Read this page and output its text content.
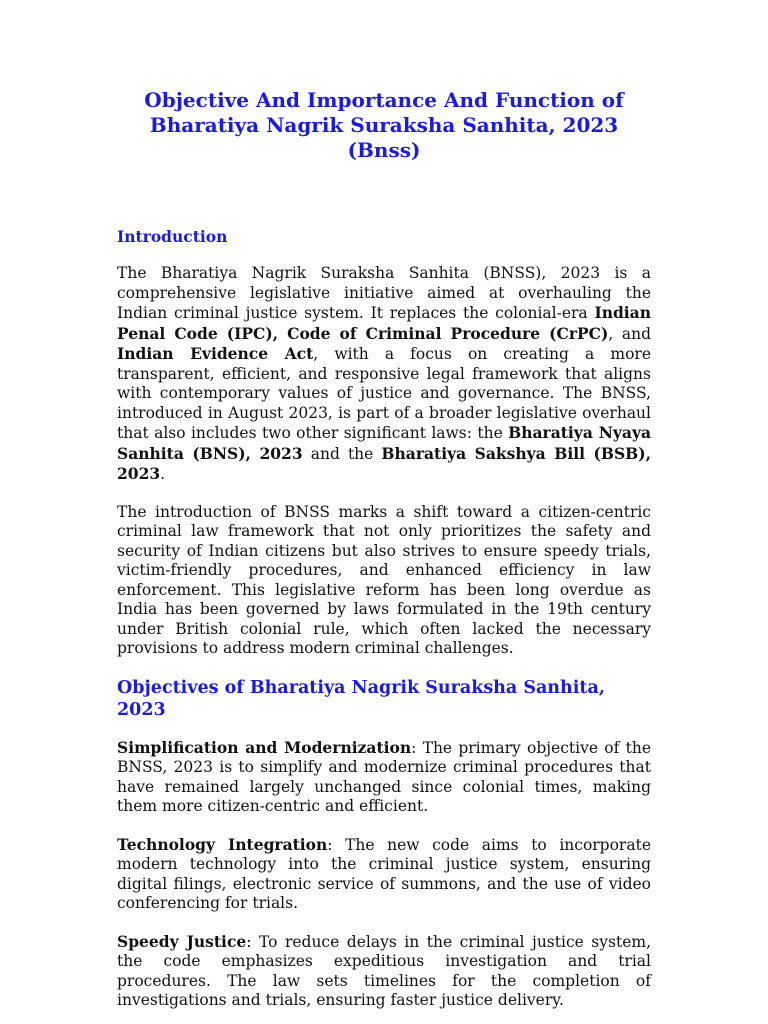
Objective And Importance And Function of
Bharatiya Nagrik Suraksha Sanhita, 2023 (Bnss)
Introduction

The Bharatiya Nagrik Suraksha Sanhita (BNSS), 2023 is a comprehensive legislative initiative aimed at overhauling the Indian criminal justice system. It replaces the colonial-era Indian Penal Code (IPC), Code of Criminal Procedure (CrPC), and Indian Evidence Act, with a focus on creating a more transparent, efficient, and responsive legal framework that aligns with contemporary values of justice and governance. The BNSS, introduced in August 2023, is part of a broader legislative overhaul that also includes two other significant laws: the Bharatiya Nyaya Sanhita (BNS), 2023 and the Bharatiya Sakshya Bill (BSB), 2023.

The introduction of BNSS marks a shift toward a citizen-centric criminal law framework that not only prioritizes the safety and security of Indian citizens but also strives to ensure speedy trials, victim-friendly procedures, and enhanced efficiency in law enforcement. This legislative reform has been long overdue as India has been governed by laws formulated in the 19th century under British colonial rule, which often lacked the necessary provisions to address modern criminal challenges.

Objectives of Bharatiya Nagrik Suraksha Sanhita, 2023

Simplification and Modernization: The primary objective of the BNSS, 2023 is to simplify and modernize criminal procedures that have remained largely unchanged since colonial times, making them more citizen-centric and efficient.

Technology Integration: The new code aims to incorporate modern technology into the criminal justice system, ensuring digital filings, electronic service of summons, and the use of video conferencing for trials.

Speedy Justice: To reduce delays in the criminal justice system, the code emphasizes expeditious investigation and trial procedures. The law sets timelines for the completion of investigations and trials, ensuring faster justice delivery.
